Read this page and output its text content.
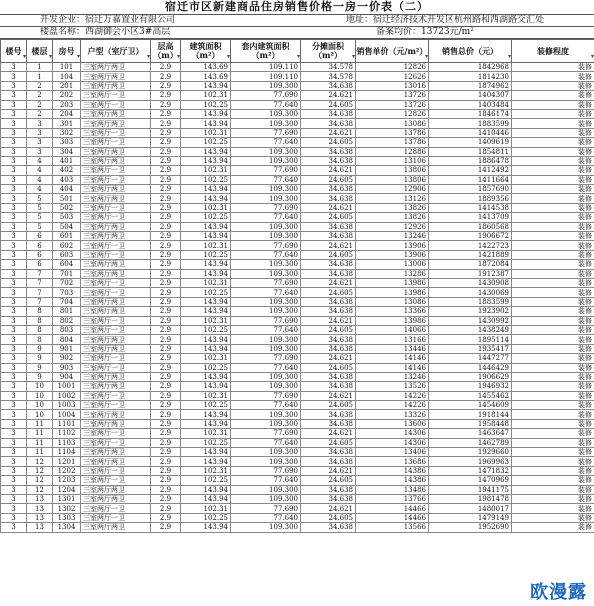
宿迁市区新建商品住房销售价格一房一价表（二）
开发企业：宿迁万嘉置业有限公司	地址：宿迁经济技术开发区杭州路和西湖路交汇处
楼盘名称：西湖御会小区3#高层	备案均价：13723元/m²
楼号 ▾	楼层 ▾	房号 ▾	户型（室厅卫） ▾	层高（m） ▾	建筑面积（m²） ▾	套内建筑面积（m²） ▾	分摊面积（m²） ▾	销售单价（元/m²） ▾	销售总价（元） ▾	装修程度 ▾
3	1	101	三室两厅两卫	2.9	143.69	109.110	34.578	12826	1842968	装修
3	1	104	三室两厅两卫	2.9	143.69	109.110	34.578	12626	1814230	装修
3	2	201	三室两厅两卫	2.9	143.94	109.300	34.638	13016	1874962	装修
3	2	202	三室两厅一卫	2.9	102.31	77.690	24.621	13726	1404307	装修
3	2	203	三室两厅一卫	2.9	102.25	77.640	24.605	13726	1403484	装修
3	2	204	三室两厅两卫	2.9	143.94	109.300	34.638	12826	1846174	装修
3	3	301	三室两厅两卫	2.9	143.94	109.300	34.638	13086	1883599	装修
3	3	302	三室两厅一卫	2.9	102.31	77.690	24.621	13786	1410446	装修
3	3	303	三室两厅一卫	2.9	102.25	77.640	24.605	13786	1409619	装修
3	3	304	三室两厅两卫	2.9	143.94	109.300	34.638	12886	1854811	装修
3	4	401	三室两厅两卫	2.9	143.94	109.300	34.638	13106	1886478	装修
3	4	402	三室两厅一卫	2.9	102.31	77.690	24.621	13806	1412492	装修
3	4	403	三室两厅一卫	2.9	102.25	77.640	24.605	13806	1411664	装修
3	4	404	三室两厅两卫	2.9	143.94	109.300	34.638	12906	1857690	装修
3	5	501	三室两厅两卫	2.9	143.94	109.300	34.638	13126	1889356	装修
3	5	502	三室两厅一卫	2.9	102.31	77.690	24.621	13826	1414538	装修
3	5	503	三室两厅一卫	2.9	102.25	77.640	24.605	13826	1413709	装修
3	5	504	三室两厅两卫	2.9	143.94	109.300	34.638	12926	1860568	装修
3	6	601	三室两厅两卫	2.9	143.94	109.300	34.638	13246	1906672	装修
3	6	602	三室两厅一卫	2.9	102.31	77.690	24.621	13906	1422723	装修
3	6	603	三室两厅一卫	2.9	102.25	77.640	24.605	13906	1421889	装修
3	6	604	三室两厅两卫	2.9	143.94	109.300	34.638	13006	1872084	装修
3	7	701	三室两厅两卫	2.9	143.94	109.300	34.638	13286	1912387	装修
3	7	702	三室两厅一卫	2.9	102.31	77.690	24.621	13986	1430908	装修
3	7	703	三室两厅一卫	2.9	102.25	77.640	24.605	13986	1430069	装修
3	7	704	三室两厅两卫	2.9	143.94	109.300	34.638	13086	1883599	装修
3	8	801	三室两厅两卫	2.9	143.94	109.300	34.638	13366	1923902	装修
3	8	802	三室两厅一卫	2.9	102.31	77.690	24.621	13986	1430992	装修
3	8	803	三室两厅一卫	2.9	102.25	77.640	24.605	14066	1438249	装修
3	8	804	三室两厅两卫	2.9	143.94	109.300	34.638	13166	1895114	装修
3	9	901	三室两厅两卫	2.9	143.94	109.300	34.638	13446	1935417	装修
3	9	902	三室两厅一卫	2.9	102.31	77.690	24.621	14146	1447277	装修
3	9	903	三室两厅一卫	2.9	102.25	77.640	24.605	14146	1446429	装修
3	9	904	三室两厅两卫	2.9	143.94	109.300	34.638	13246	1906629	装修
3	10	1001	三室两厅两卫	2.9	143.94	109.300	34.638	13526	1946932	装修
3	10	1002	三室两厅一卫	2.9	102.31	77.690	24.621	14226	1455462	装修
3	10	1003	三室两厅一卫	2.9	102.25	77.640	24.605	14226	1454609	装修
3	10	1004	三室两厅两卫	2.9	143.94	109.300	34.638	13326	1918144	装修
3	11	1101	三室两厅两卫	2.9	143.94	109.300	34.638	13606	1958448	装修
3	11	1102	三室两厅一卫	2.9	102.31	77.690	24.621	14306	1463647	装修
3	11	1103	三室两厅一卫	2.9	102.25	77.640	24.605	14306	1462789	装修
3	11	1104	三室两厅两卫	2.9	143.94	109.300	34.638	13406	1929660	装修
3	12	1201	三室两厅两卫	2.9	143.94	109.300	34.638	13686	1969963	装修
3	12	1202	三室两厅一卫	2.9	102.31	77.690	24.621	14386	1471832	装修
3	12	1203	三室两厅一卫	2.9	102.25	77.640	24.605	14386	1470969	装修
3	12	1204	三室两厅两卫	2.9	143.94	109.300	34.638	13486	1941175	装修
3	13	1301	三室两厅两卫	2.9	143.94	109.300	34.638	13766	1981478	装修
3	13	1302	三室两厅一卫	2.9	102.31	77.690	24.621	14466	1480017	装修
3	13	1303	三室两厅一卫	2.9	102.25	77.640	24.605	14466	1479149	装修
3	13	1304	三室两厅两卫	2.9	143.94	109.300	34.638	13566	1952690	装修
欧漫露
